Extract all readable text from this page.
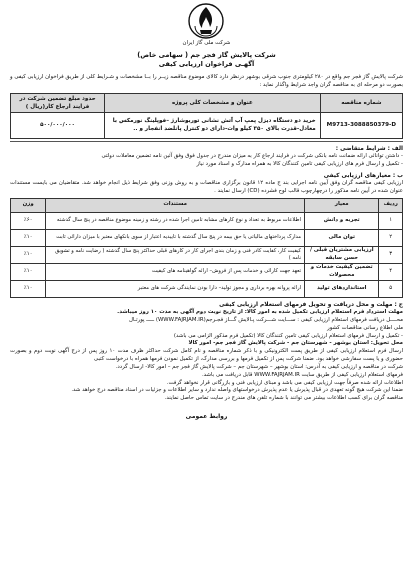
شرکت ملی گاز ایران
شرکت پالایش گاز فجر جم ( سهامی خاص)
آگهـی فراخوان ارزیابی کیفی

شرکت پالایش گاز فجر جم واقع در ۲۸۰ کیلومتری جنوب شرقی بوشهر درنظر دارد کالای موضوع مناقصه زیــر را بــا مشخصات و شـرایط کلی از طریق فراخوان ارزیابی کیفی و بصورت دو مرحله ای به مناقصه گران واجد شرایط واگذار نماید :

شماره مناقصه	عنوان و مشخصات کلی پروژه	حدود مبلغ تضمین شرکت در فرایند ارجاع کار(ریال )
M9713-3088850379-D	خرید دو دستگاه دیزل پمپ آب آتش نشانی توربوشارژ –فوپلینگ نورمکس با معادل-قدرت بالای ۳۵۰ کیلو وات-دارای دو کنترل پانلضد انفجار و ..	۵۰۰/۰۰۰/۰۰۰
الف : شرایط متقاضی :
- داشتن توانائی ارائه ضمانت نامه بانکی شرکت در فرایند ارجاع کار به میزان مندرج در جدول فوق وفق آئین نامه تضمین معاملات دولتی
- تکمیل و ارسال فرم های ارزیابی کیفی تامین کنندگان کالا به همراه مدارک و اسناد مورد نیاز
ب : معیارهای ارزیابی کیفی

ارزیابی کیفی مناقصه گران وفق آیین نامه اجرایی بند ج ماده ۱۲ قانون برگزاری مناقصات و به روش وزنی وفق شرایط ذیل انجام خواهد شد. متقاضیان می بایست مستندات عنوان شده در آیین نامه مذکور را درچهارچوب قالب لوح فشرده (CD) ارسال نمایند .

ردیف	معیار	مستندات	وزن
۱	تجربه و دانش	اطلاعات مربوط به تعداد و نوع کارهای مشابه تامین اجرا شده در رشته و زمینه موضوع مناقصه در پنج سال گذشته	٪۶۰
۲	توان مالی	مدارک پرداختهای مالیاتی یا حق بیمه در پنج سال گذشته با تاییدیه اعتبار از سوی بانکهای معتبر با میزان دارائی ثابت	٪۱۰
۳	ارزیابی مشتریان قبلی / حسن سابقه	کیفیت کار، کفایت کادر فنی و زمان بندی اجرای کار در کارهای قبلی حداکثر پنج سال گذشته ( رضایت نامه و تشویق نامه )	٪۱۰
۴	تضمین کیفیت خدمات و محصولات	تعهد جهت کارائی و خدمات پس از فروش– ارائه گواهینامه های کیفیت	٪۱۰
۵	استانداردهای تولید	ارائه پروانه بهره برداری و مجوز تولید– دارا بودن نمایندگی شرکت های معتبر	٪۱۰
ج : مهلت و محل دریافت و تحویل فرمهای استعلام ارزیابی کیفی
مهلت استرداد فرم استعلام ارزیابی تکمیل شده به امور کالا: از تاریخ نوبت دوم آگهی به مدت ۱۰ روز میباشد.
محــــل دریافت فرمهای استعلام ارزیابی کیفی : ســـایت شـــرکت پـالایش گـــاز فجـرجم(WWW.FAJRJAM.IR) ـــــ پورتـال
ملی اطلاع رسانی مناقصات کشور
- تکمیل و ارسال فرمهای استعلام ارزیابی کیفی تامین کنندگان کالا (تکمیل فرم مذکور الزامی می باشد)
محل تحویل: استان بوشهر - شهرستان جم - شرکت پالایش گاز فجر جم- امور کالا
ارسال فرم استعلام ارزیابی کیفی از طریق پست الکترونیکی و با ذکر شماره مناقصه و نام کامل شرکت حداکثر ظرف مدت ۱۰ روز پس از درج آگهی نوبت دوم و بصورت حضوری و یا پست سفارشی خواهد بود. ضمنا شرکت پس از تکمیل فرمها و بررسی مدارک، از تکمیل نمودن فرمها همراه با درخواست کتبی
شرکت در مناقصه و ارزیابی کیفی به آدرس: استان بوشهر – شهرستان جم – شرکت پالایش گاز فجر جم – امور کالا- ارسال گردد.
فرمهای استعلام ارزیابی کیفی از طریق سایت WWW.FAJRJAM.IR قابل دریافت می باشد.
اطلاعات ارائه شده صرفاً جهت ارزیابی کیفی می باشد و مبنای ارزیابی فنی و بازرگانی قرار نخواهد گرفت.
ضمنا این شرکت هیچ گونه تعهدی در قبال پذیرش یا عدم پذیرش درخواستهای واصله ندارد و سایر اطلاعات و جزئیات در اسناد مناقصه درج خواهد شد.
مناقصه گران برای کسب اطلاعات بیشتر می توانند با شماره تلفن های مندرج در سایت تماس حاصل نمایند.
روابط عمومی
